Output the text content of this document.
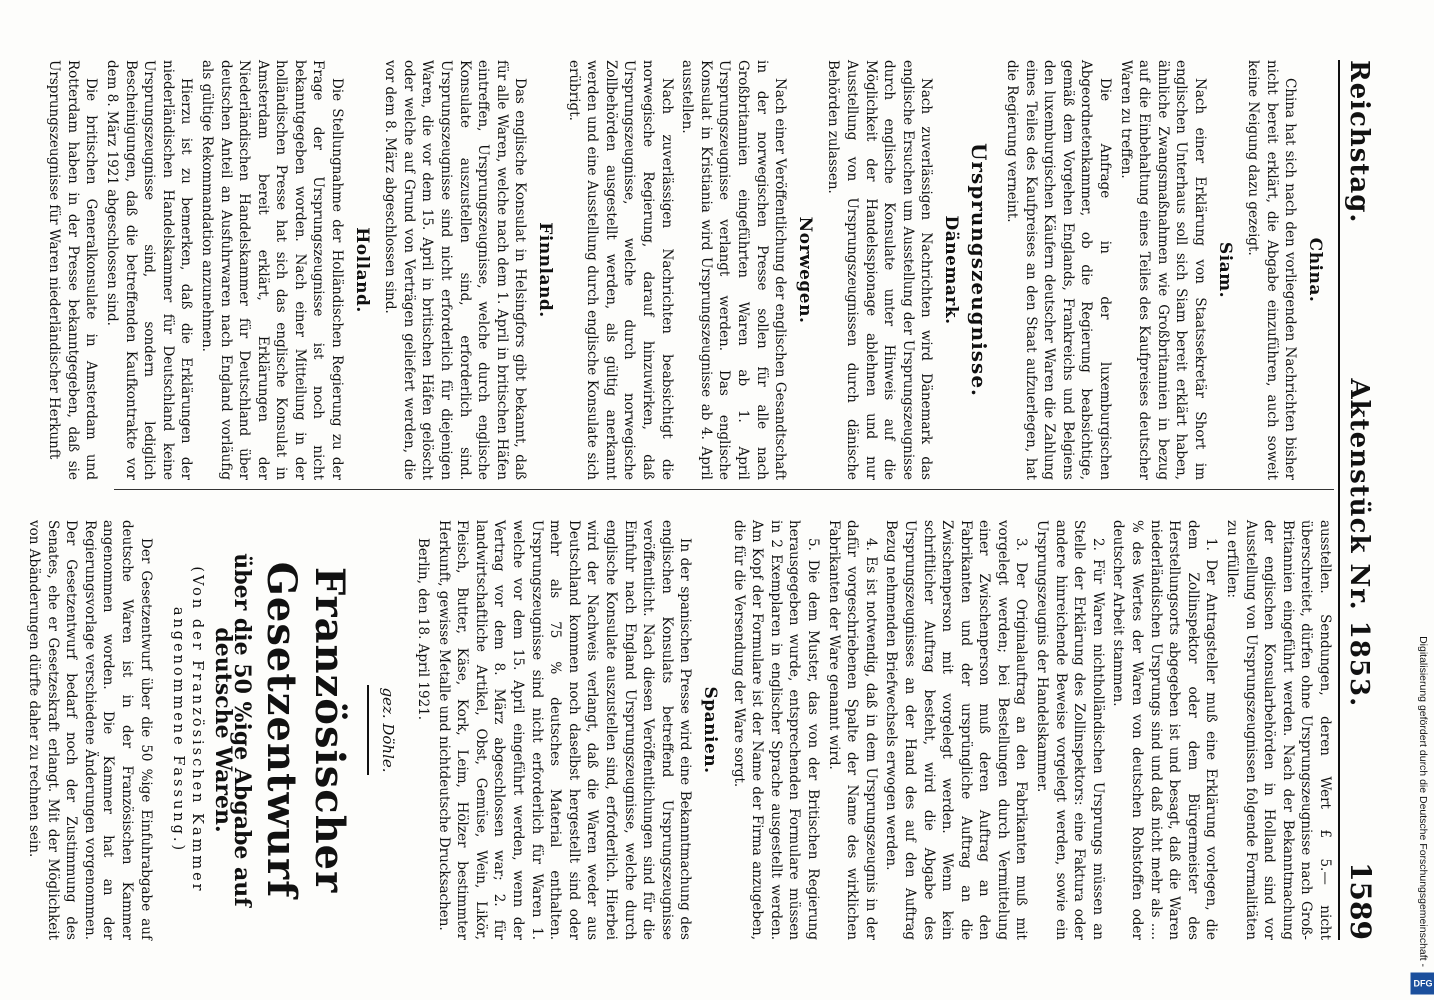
Reichstag.
Aktenstück Nr. 1853.
1589
China.

China hat sich nach den vorliegenden Nachrichten bisher nicht bereit erklärt, die Abgabe einzuführen, auch soweit keine Neigung dazu gezeigt.

Siam.

Nach einer Erklärung von Staatssekretär Short im englischen Unterhaus soll sich Siam bereit erklärt haben, ähnliche Zwangsmaßnahmen wie Großbritannien in bezug auf die Einbehaltung eines Teiles des Kaufpreises deutscher Waren zu treffen.

Die Anfrage in der luxemburgischen Abgeordnetenkammer, ob die Regierung beabsichtige, gemäß dem Vorgehen Englands, Frankreichs und Belgiens den luxemburgischen Käufern deutscher Waren die Zahlung eines Teiles des Kaufpreises an den Staat aufzuerlegen, hat die Regierung verneint.

Ursprungszeugnisse.
Dänemark.

Nach zuverlässigen Nachrichten wird Dänemark das englische Ersuchen um Ausstellung der Ursprungszeugnisse durch englische Konsulate unter Hinweis auf die Möglichkeit der Handelsspionage ablehnen und nur Ausstellung von Ursprungszeugnissen durch dänische Behörden zulassen.

Norwegen.

Nach einer Veröffentlichung der englischen Gesandtschaft in der norwegischen Presse sollen für alle nach Großbritannien eingeführten Waren ab 1. April Ursprungszeugnisse verlangt werden. Das englische Konsulat in Kristiania wird Ursprungszeugnisse ab 4. April ausstellen.

Nach zuverlässigen Nachrichten beabsichtigt die norwegische Regierung, darauf hinzuwirken, daß Ursprungszeugnisse, welche durch norwegische Zollbehörden ausgestellt werden, als gültig anerkannt werden und eine Ausstellung durch englische Konsulate sich erübrigt.

Finnland.

Das englische Konsulat in Helsingfors gibt bekannt, daß für alle Waren, welche nach dem 1. April in britischen Häfen eintreffen, Ursprungszeugnisse, welche durch englische Konsulate auszustellen sind, erforderlich sind. Ursprungszeugnisse sind nicht erforderlich für diejenigen Waren, die vor dem 15. April in britischen Häfen gelöscht oder welche auf Grund von Verträgen geliefert werden, die vor dem 8. März abgeschlossen sind.

Holland.

Die Stellungnahme der Holländischen Regierung zu der Frage der Ursprungszeugnisse ist noch nicht bekanntgegeben worden. Nach einer Mitteilung in der holländischen Presse hat sich das englische Konsulat in Amsterdam bereit erklärt, Erklärungen der Niederländischen Handelskammer für Deutschland über deutschen Anteil an Ausfuhrwaren nach England vorläufig als gültige Rekommandation anzunehmen.

Hierzu ist zu bemerken, daß die Erklärungen der niederländischen Handelskammer für Deutschland keine Ursprungszeugnisse sind, sondern lediglich Bescheinigungen, daß die betreffenden Kaufkontrakte vor dem 8. März 1921 abgeschlossen sind.

Die britischen Generalkonsulate in Amsterdam und Rotterdam haben in der Presse bekanntgegeben, daß sie Ursprungszeugnisse für Waren niederländischer Herkunft

ausstellen. Sendungen, deren Wert £ 5.— nicht überschreitet, dürfen ohne Ursprungszeugnisse nach Groß-Britannien eingeführt werden. Nach der Bekanntmachung der englischen Konsularbehörden in Holland sind vor Ausstellung von Ursprungszeugnissen folgende Formalitäten zu erfüllen:

1. Der Antragsteller muß eine Erklärung vorlegen, die dem Zollinspektor oder dem Bürgermeister des Herstellungsorts abgegeben ist und besagt, daß die Waren niederländischen Ursprungs sind und daß nicht mehr als .... % des Wertes der Waren von deutschen Rohstoffen oder deutscher Arbeit stammen.

2. Für Waren nichtholländischen Ursprungs müssen an Stelle der Erklärung des Zollinspektors: eine Faktura oder andere hinreichende Beweise vorgelegt werden, sowie ein Ursprungszeugnis der Handelskammer.

3. Der Originalauftrag an den Fabrikanten muß mit vorgelegt werden; bei Bestellungen durch Vermittelung einer Zwischenperson muß deren Auftrag an den Fabrikanten und der ursprüngliche Auftrag an die Zwischenperson mit vorgelegt werden. Wenn kein schriftlicher Auftrag besteht, wird die Abgabe des Ursprungszeugnisses an der Hand des auf den Auftrag Bezug nehmenden Briefwechsels erwogen werden.

4. Es ist notwendig, daß in dem Ursprungszeugnis in der dafür vorgeschriebenen Spalte der Name des wirklichen Fabrikanten der Ware genannt wird.

5. Die dem Muster, das von der Britischen Regierung herausgegeben wurde, entsprechenden Formulare müssen in 2 Exemplaren in englischer Sprache ausgestellt werden. Am Kopf der Formulare ist der Name der Firma anzugeben, die für die Versendung der Ware sorgt.

Spanien.

In der spanischen Presse wird eine Bekanntmachung des englischen Konsulats betreffend Ursprungszeugnisse veröffentlicht. Nach diesen Veröffentlichungen sind für die Einfuhr nach England Ursprungszeugnisse, welche durch englische Konsulate auszustellen sind, erforderlich. Hierbei wird der Nachweis verlangt, daß die Waren weder aus Deutschland kommen noch daselbst hergestellt sind oder mehr als 75 % deutsches Material enthalten. Ursprungszeugnisse sind nicht erforderlich für Waren 1. welche vor dem 15. April eingeführt werden, wenn der Vertrag vor dem 8. März abgeschlossen war; 2. für landwirtschaftliche Artikel, Obst, Gemüse, Wein, Likör, Fleisch, Butter, Käse, Kork, Leim, Hölzer bestimmter Herkunft, gewisse Metalle und nichtdeutsche Drucksachen.

Berlin, den 18. April 1921.

gez. Döhle.
Französischer Gesetzentwurf
über die 50 %ige Abgabe auf deutsche Waren.
(Von der Französischen Kammer angenommene Fassung.)

Der Gesetzentwurf über die 50 %ige Einfuhrabgabe auf deutsche Waren ist in der Französischen Kammer angenommen worden. Die Kammer hat an der Regierungsvorlage verschiedene Änderungen vorgenommen. Der Gesetzentwurf bedarf noch der Zustimmung des Senates, ehe er Gesetzeskraft erlangt. Mit der Möglichkeit von Abänderungen dürfte daher zu rechnen sein.	Digitalisierung gefördert durch die Deutsche Forschungsgemeinschaft -
DFG
